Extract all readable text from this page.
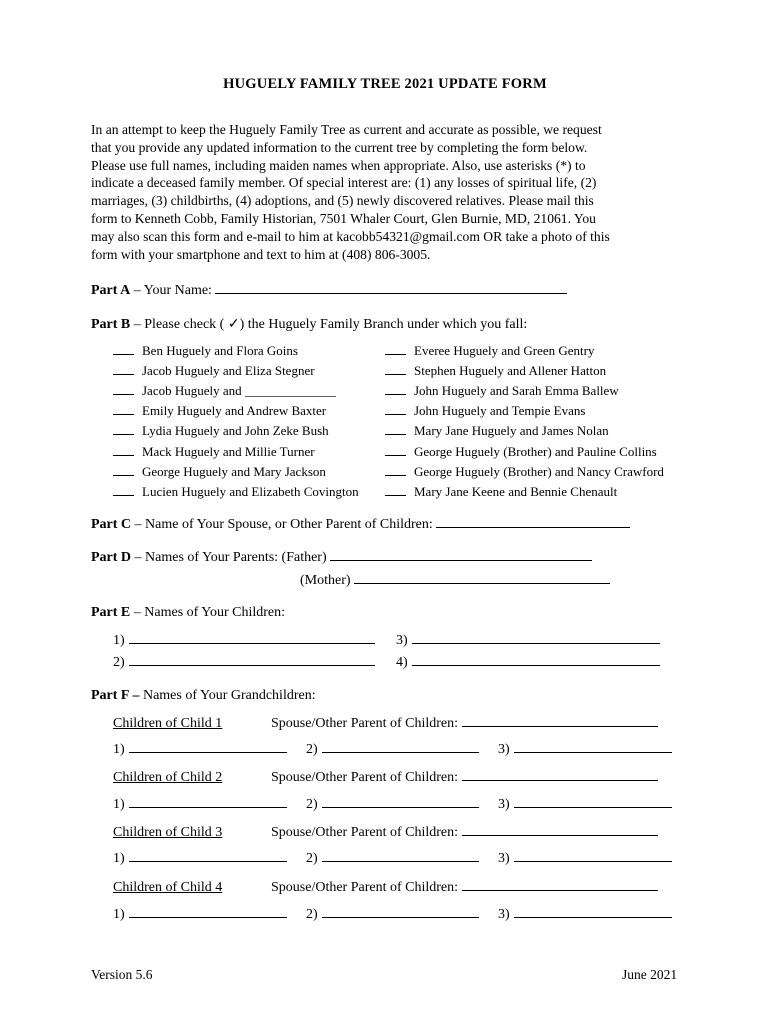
HUGUELY FAMILY TREE 2021 UPDATE FORM
In an attempt to keep the Huguely Family Tree as current and accurate as possible, we request
that you provide any updated information to the current tree by completing the form below.
Please use full names, including maiden names when appropriate. Also, use asterisks (*) to
indicate a deceased family member. Of special interest are: (1) any losses of spiritual life, (2)
marriages, (3) childbirths, (4) adoptions, and (5) newly discovered relatives. Please mail this
form to Kenneth Cobb, Family Historian, 7501 Whaler Court, Glen Burnie, MD, 21061. You
may also scan this form and e-mail to him at kacobb54321@gmail.com OR take a photo of this
form with your smartphone and text to him at (408) 806-3005.
Part A – Your Name:
Part B – Please check ( ✓) the Huguely Family Branch under which you fall:
Ben Huguely and Flora Goins
Jacob Huguely and Eliza Stegner
Jacob Huguely and ______________
Emily Huguely and Andrew Baxter
Lydia Huguely and John Zeke Bush
Mack Huguely and Millie Turner
George Huguely and Mary Jackson
Lucien Huguely and Elizabeth Covington
Everee Huguely and Green Gentry
Stephen Huguely and Allener Hatton
John Huguely and Sarah Emma Ballew
John Huguely and Tempie Evans
Mary Jane Huguely and James Nolan
George Huguely (Brother) and Pauline Collins
George Huguely (Brother) and Nancy Crawford
Mary Jane Keene and Bennie Chenault
Part C – Name of Your Spouse, or Other Parent of Children:
Part D – Names of Your Parents: (Father)
(Mother)
Part E – Names of Your Children:
1)
2)
3)
4)
Part F – Names of Your Grandchildren:
Children of Child 1	Spouse/Other Parent of Children:
1)	2)	3)
Children of Child 2	Spouse/Other Parent of Children:
1)	2)	3)
Children of Child 3	Spouse/Other Parent of Children:
1)	2)	3)
Children of Child 4	Spouse/Other Parent of Children:
1)	2)	3)
Version 5.6	June 2021
